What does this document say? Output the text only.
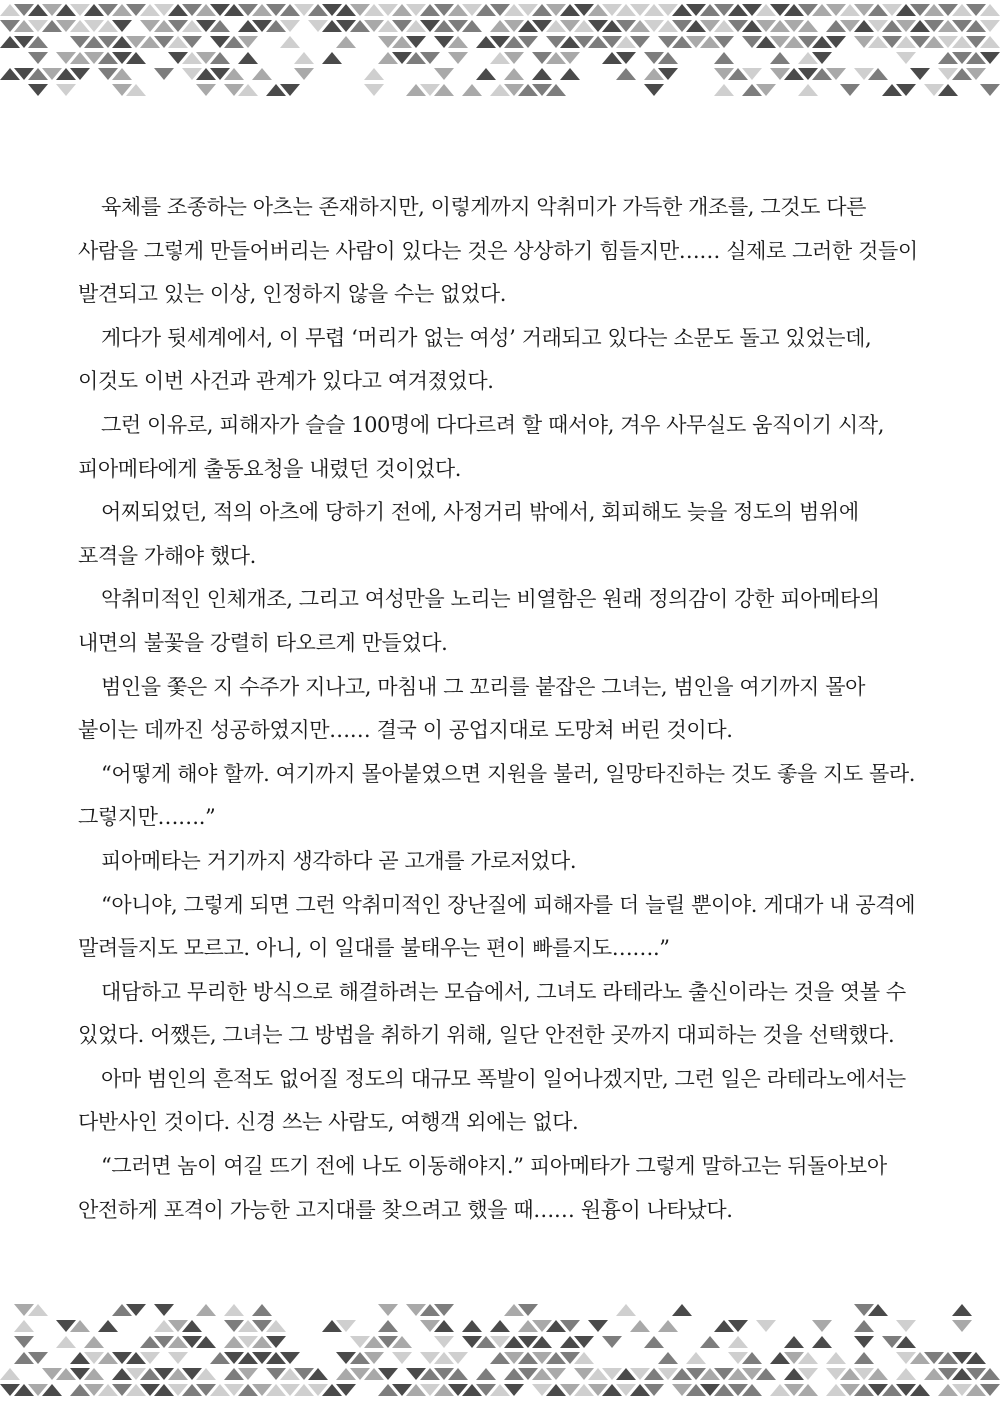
육체를 조종하는 아츠는 존재하지만, 이렇게까지 악취미가 가득한 개조를, 그것도 다른
사람을 그렇게 만들어버리는 사람이 있다는 것은 상상하기 힘들지만…… 실제로 그러한 것들이
발견되고 있는 이상, 인정하지 않을 수는 없었다.

게다가 뒷세계에서, 이 무렵 ‘머리가 없는 여성’ 거래되고 있다는 소문도 돌고 있었는데,
이것도 이번 사건과 관계가 있다고 여겨졌었다.

그런 이유로, 피해자가 슬슬 100명에 다다르려 할 때서야, 겨우 사무실도 움직이기 시작,
피아메타에게 출동요청을 내렸던 것이었다.

어찌되었던, 적의 아츠에 당하기 전에, 사정거리 밖에서, 회피해도 늦을 정도의 범위에
포격을 가해야 했다.

악취미적인 인체개조, 그리고 여성만을 노리는 비열함은 원래 정의감이 강한 피아메타의
내면의 불꽃을 강렬히 타오르게 만들었다.

범인을 쫓은 지 수주가 지나고, 마침내 그 꼬리를 붙잡은 그녀는, 범인을 여기까지 몰아
붙이는 데까진 성공하였지만…… 결국 이 공업지대로 도망쳐 버린 것이다.

“어떻게 해야 할까. 여기까지 몰아붙였으면 지원을 불러, 일망타진하는 것도 좋을 지도 몰라.
그렇지만…….”

피아메타는 거기까지 생각하다 곧 고개를 가로저었다.

“아니야, 그렇게 되면 그런 악취미적인 장난질에 피해자를 더 늘릴 뿐이야. 게대가 내 공격에
말려들지도 모르고. 아니, 이 일대를 불태우는 편이 빠를지도…….”

대담하고 무리한 방식으로 해결하려는 모습에서, 그녀도 라테라노 출신이라는 것을 엿볼 수
있었다. 어쨌든, 그녀는 그 방법을 취하기 위해, 일단 안전한 곳까지 대피하는 것을 선택했다.

아마 범인의 흔적도 없어질 정도의 대규모 폭발이 일어나겠지만, 그런 일은 라테라노에서는
다반사인 것이다. 신경 쓰는 사람도, 여행객 외에는 없다.

“그러면 놈이 여길 뜨기 전에 나도 이동해야지.” 피아메타가 그렇게 말하고는 뒤돌아보아
안전하게 포격이 가능한 고지대를 찾으려고 했을 때…… 원흉이 나타났다.
